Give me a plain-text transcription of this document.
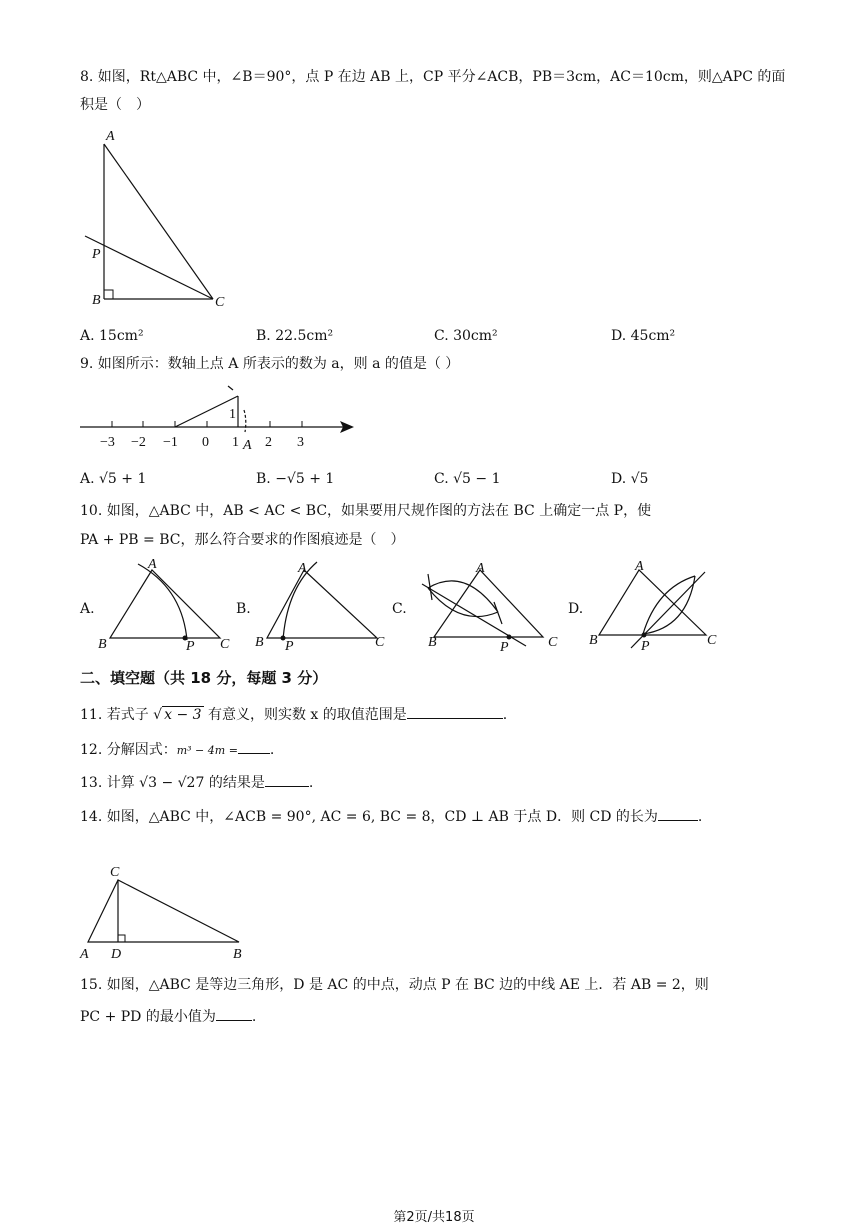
8. 如图，Rt△ABC 中，∠B＝90°，点 P 在边 AB 上，CP 平分∠ACB，PB＝3cm，AC＝10cm，则△APC 的面
积是（　）
A
P
B	C
A. 15cm²	B. 22.5cm²	C. 30cm²	D. 45cm²
9. 如图所示：数轴上点 A 所表示的数为 a，则 a 的值是（ ）
1
−3 −2 −1 0 1 A 2 3
A. √5 + 1	B. −√5 + 1	C. √5 − 1	D. √5
10. 如图，△ABC 中，AB < AC < BC，如果要用尺规作图的方法在 BC 上确定一点 P，使
PA + PB = BC，那么符合要求的作图痕迹是（　）
A.
A
B	C
P
B.
A
B	C
P
C.
A
B	C
P
D.
A
B	C
P
二、填空题（共 18 分，每题 3 分）
11. 若式子 √ x − 3 有意义，则实数 x 的取值范围是	.
12. 分解因式：m³ − 4m = .
13. 计算 √3 − √27 的结果是	.
14. 如图，△ABC 中，∠ACB = 90°, AC = 6, BC = 8，CD ⊥ AB 于点 D．则 CD 的长为	.
C
A D	B
15. 如图，△ABC 是等边三角形，D 是 AC 的中点，动点 P 在 BC 边的中线 AE 上．若 AB = 2，则
PC + PD 的最小值为	.
第2页/共18页
